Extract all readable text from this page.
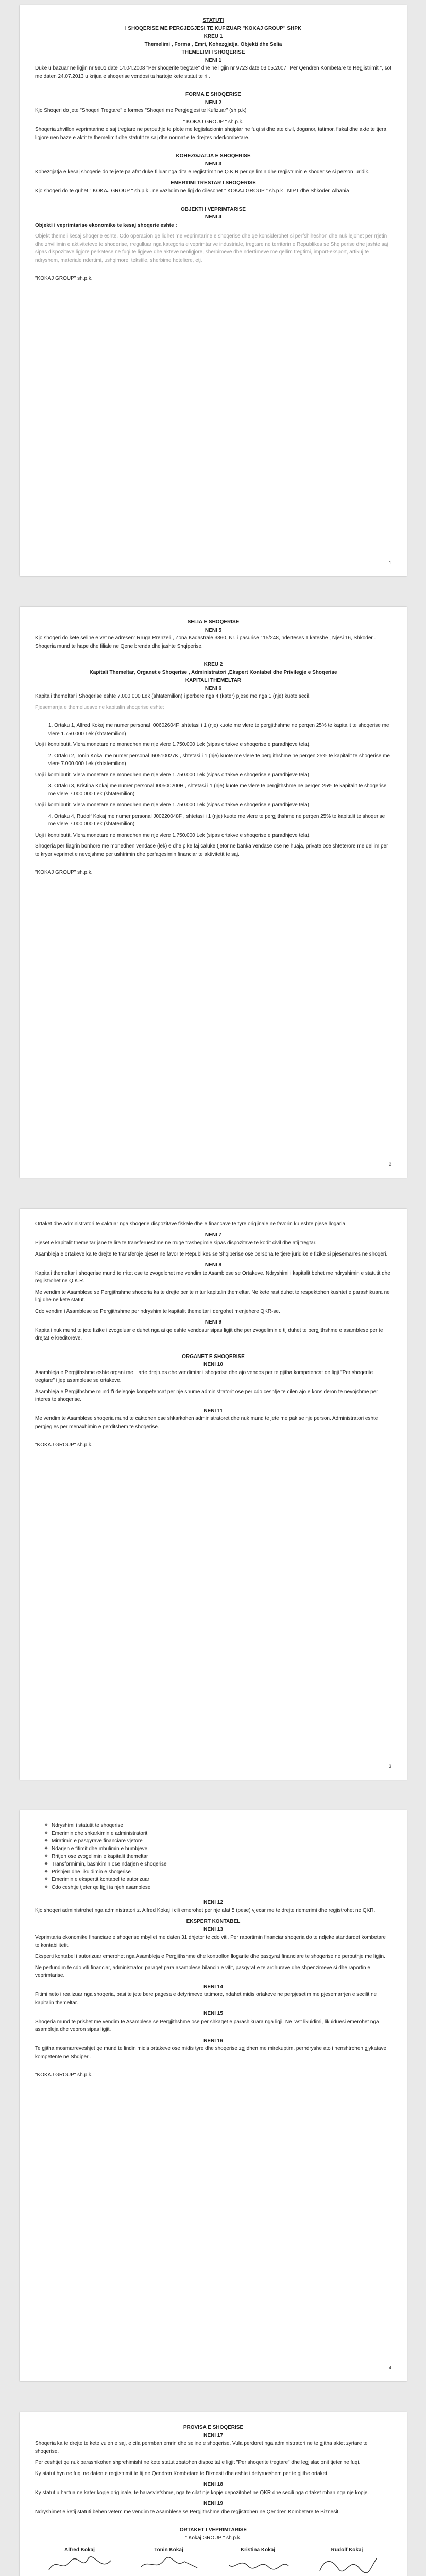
STATUTI

I SHOQERISE ME PERGJEGJESI TE KUFIZUAR "KOKAJ GROUP" SHPK

KREU 1

Themelimi , Forma , Emri, Kohezgjatja, Objekti dhe Selia

THEMELIMI I SHOQERISE

NENI 1

Duke u bazuar ne ligjin nr 9901 date 14.04.2008 "Per shoqerite tregtare" dhe ne ligjin nr 9723 date 03.05.2007 "Per Qendren Kombetare te Regjistrimit ", sot me daten 24.07.2013 u krijua e shoqerise vendosi ta hartoje kete statut te ri .

FORMA E SHOQERISE

NENI 2

Kjo Shoqeri do jete "Shoqeri Tregtare" e formes "Shoqeri me Pergjegjesi te Kufizuar" (sh.p.k)

" KOKAJ GROUP " sh.p.k.

Shoqeria zhvillon veprimtarine e saj tregtare ne perputhje te plote me legjislacionin shqiptar ne fuqi si dhe ate civil, doganor, tatimor, fiskal dhe akte te tjera ligjore nen baze e aktit te themelimit dhe statutit te saj dhe normat e te drejtes nderkombetare.

KOHEZGJATJA E SHOQERISE

NENI 3

Kohezgjatja e kesaj shoqerie do te jete pa afat duke filluar nga dita e regjistrimit ne Q.K.R per qellimin dhe regjistrimin e shoqerise si person juridik.

EMERTIMI TRESTAR I SHOQERISE

Kjo shoqeri do te quhet " KOKAJ GROUP " sh.p.k . ne vazhdim ne ligj do cilesohet " KOKAJ GROUP " sh.p.k . NIPT dhe Shkoder, Albania

OBJEKTI I VEPRIMTARISE

NENI 4

Objekti i veprimtarise ekonomike te kesaj shoqerie eshte :

Objekt themeli kesaj shoqerie eshte. Cdo operacion qe lidhet me veprimtarine e shoqerise dhe qe konsiderohet si perfshiheshon dhe nuk lejohet per rrjetin dhe zhvillimin e aktiviteteve te shoqerise, rregulluar nga kategoria e veprimtarive industriale, tregtare ne territorin e Republikes se Shqiperise dhe jashte saj sipas dispozitave ligjore perkatese ne fuqi te ligjeve dhe akteve nenligjore, sherbimeve dhe ndertimeve me qellim tregtimi, import-eksport, artikuj te ndryshem, materiale ndertimi, ushqimore, tekstile, sherbime hoteliere, etj.

"KOKAJ GROUP" sh.p.k.

1

SELIA E SHOQERISE

NENI 5

Kjo shoqeri do kete seline e vet ne adresen: Rruga Rrenzeli , Zona Kadastrale 3360, Nr. i pasurise 115/248, nderteses 1 kateshe , Njesi 16, Shkoder . Shoqeria mund te hape dhe filiale ne Qene brenda dhe jashte Shqiperise.

KREU 2

Kapitali Themeltar, Organet e Shoqerise , Administratori ,Ekspert Kontabel dhe Privilegje e Shoqerise

KAPITALI THEMELTAR

NENI 6

Kapitali themeltar i Shoqerise eshte 7.000.000 Lek (shtatemilion) i perbere nga 4 (kater) pjese me nga 1 (nje) kuote secil.

Pjesemarrja e themeluesve ne kapitalin shoqerise eshte:

1. Ortaku 1, Alfred Kokaj me numer personal I00602604F ,shtetasi i 1 (nje) kuote me vlere te pergjithshme ne perqen 25% te kapitalit te shoqerise me vlere 1.750.000 Lek (shtatemilion)

Uoji i kontributit. Vlera monetare ne monedhen me nje vlere 1.750.000 Lek (sipas ortakve e shoqerise e paradhjeve tela).

2. Ortaku 2, Tonin Kokaj me numer personal I60510027K , shtetasi i 1 (nje) kuote me vlere te pergjithshme ne perqen 25% te kapitalit te shoqerise me vlere 7.000.000 Lek (shtatemilion)

Uoji i kontributit. Vlera monetare ne monedhen me nje vlere 1.750.000 Lek (sipas ortakve e shoqerise e paradhjeve tela).

3. Ortaku 3, Kristina Kokaj me numer personal I00500200H , shtetasi i 1 (nje) kuote me vlere te pergjithshme ne perqen 25% te kapitalit te shoqerise me vlere 7.000.000 Lek (shtatemilion)

Uoji i kontributit. Vlera monetare ne monedhen me nje vlere 1.750.000 Lek (sipas ortakve e shoqerise e paradhjeve tela).

4. Ortaku 4, Rudolf Kokaj me numer personal J00220048F , shtetasi i 1 (nje) kuote me vlere te pergjithshme ne perqen 25% te kapitalit te shoqerise me vlere 7.000.000 Lek (shtatemilion)

Uoji i kontributit. Vlera monetare ne monedhen me nje vlere 1.750.000 Lek (sipas ortakve e shoqerise e paradhjeve tela).

Shoqeria per fiagrin bonhore me monedhen vendase (lek) e dhe pike faj caluke (jetor ne banka vendase ose ne huaja, private ose shteterore me qellim per te kryer veprimet e nevojshme per ushtrimin dhe perfaqesimin financiar te aktivitetit te saj.

"KOKAJ GROUP" sh.p.k.

2

Ortaket dhe administratori te caktuar nga shoqerie dispozitave fiskale dhe e financave te tyre origjinale ne favorin ku eshte pjese llogaria.

NENI 7

Pjeset e kapitalit themeltar jane te lira te transferueshme ne rruge trashegimie sipas dispozitave te kodit civil dhe atij tregtar.

Asambleja e ortakeve ka te drejte te transferoje pjeset ne favor te Republikes se Shqiperise ose persona te tjere juridike e fizike si pjesemarres ne shoqeri.

NENI 8

Kapitali themeltar i shoqerise mund te rritet ose te zvogelohet me vendim te Asamblese se Ortakeve. Ndryshimi i kapitalit behet me ndryshimin e statutit dhe regjistrohet ne Q.K.R.

Me vendim te Asamblese se Pergjithshme shoqeria ka te drejte per te rritur kapitalin themeltar. Ne kete rast duhet te respektohen kushtet e parashikuara ne ligj dhe ne kete statut.

Cdo vendim i Asamblese se Pergjithshme per ndryshim te kapitalit themeltar i dergohet menjehere QKR-se.

NENI 9

Kapitali nuk mund te jete fizike i zvogeluar e duhet nga ai qe eshte vendosur sipas ligjit dhe per zvogelimin e tij duhet te pergjithshme e asamblese per te drejtat e kreditoreve.

ORGANET E SHOQERISE

NENI 10

Asambleja e Pergjithshme eshte organi me i larte drejtues dhe vendimtar i shoqerise dhe ajo vendos per te gjitha kompetencat qe ligji "Per shoqerite tregtare" i jep asamblese se ortakeve.

Asambleja e Pergjithshme mund t'i delegoje kompetencat per nje shume administratorit ose per cdo ceshtje te cilen ajo e konsideron te nevojshme per interes te shoqerise.

NENI 11

Me vendim te Asamblese shoqeria mund te caktohen ose shkarkohen administratoret dhe nuk mund te jete me pak se nje person. Administratori eshte pergjegjes per menaxhimin e perditshem te shoqerise.

"KOKAJ GROUP" sh.p.k.

3
❖ Ndryshimi i statutit te shoqerise
❖ Emerimin dhe shkarkimin e administratorit
❖ Miratimin e pasqyrave financiare vjetore
❖ Ndarjen e fitimit dhe mbulimin e humbjeve
❖ Rritjen ose zvogelimin e kapitalit themeltar
❖ Transformimin, bashkimin ose ndarjen e shoqerise
❖ Prishjen dhe likuidimin e shoqerise
❖ Emerimin e ekspertit kontabel te autorizuar
❖ Cdo ceshtje tjeter qe ligji ia njeh asamblese

NENI 12

Kjo shoqeri administrohet nga administratori z. Alfred Kokaj i cili emerohet per nje afat 5 (pese) vjecar me te drejte riemerimi dhe regjistrohet ne QKR.

EKSPERT KONTABEL

NENI 13

Veprimtaria ekonomike financiare e shoqerise mbyllet me daten 31 dhjetor te cdo viti. Per raportimin financiar shoqeria do te ndjeke standardet kombetare te kontabilitetit.

Eksperti kontabel i autorizuar emerohet nga Asambleja e Pergjithshme dhe kontrollon llogarite dhe pasqyrat financiare te shoqerise ne perputhje me ligjin.

Ne perfundim te cdo viti financiar, administratori paraqet para asamblese bilancin e vitit, pasqyrat e te ardhurave dhe shpenzimeve si dhe raportin e veprimtarise.

NENI 14

Fitimi neto i realizuar nga shoqeria, pasi te jete bere pagesa e detyrimeve tatimore, ndahet midis ortakeve ne perpjesetim me pjesemarrjen e secilit ne kapitalin themeltar.

NENI 15

Shoqeria mund te prishet me vendim te Asamblese se Pergjithshme ose per shkaqet e parashikuara nga ligji. Ne rast likuidimi, likuiduesi emerohet nga asambleja dhe vepron sipas ligjit.

NENI 16

Te gjitha mosmarreveshjet qe mund te lindin midis ortakeve ose midis tyre dhe shoqerise zgjidhen me mirekuptim, perndryshe ato i nenshtrohen gjykatave kompetente ne Shqiperi.

"KOKAJ GROUP" sh.p.k.

4

PROVISA E SHOQERISE

NENI 17

Shoqeria ka te drejte te kete vulen e saj, e cila permban emrin dhe seline e shoqerise. Vula perdoret nga administratori ne te gjitha aktet zyrtare te shoqerise.

Per ceshtjet qe nuk parashikohen shprehimisht ne kete statut zbatohen dispozitat e ligjit "Per shoqerite tregtare" dhe legjislacionit tjeter ne fuqi.

Ky statut hyn ne fuqi ne daten e regjistrimit te tij ne Qendren Kombetare te Biznesit dhe eshte i detyrueshem per te gjithe ortaket.

NENI 18

Ky statut u hartua ne kater kopje origjinale, te barasvlefshme, nga te cilat nje kopje depozitohet ne QKR dhe secili nga ortaket mban nga nje kopje.

NENI 19

Ndryshimet e ketij statuti behen vetem me vendim te Asamblese se Pergjithshme dhe regjistrohen ne Qendren Kombetare te Biznesit.

ORTAKET I VEPRIMTARISE

" Kokaj GROUP " sh.p.k.

Alfred Kokaj	Tonin Kokaj	Kristina Kokaj	Rudolf Kokaj
